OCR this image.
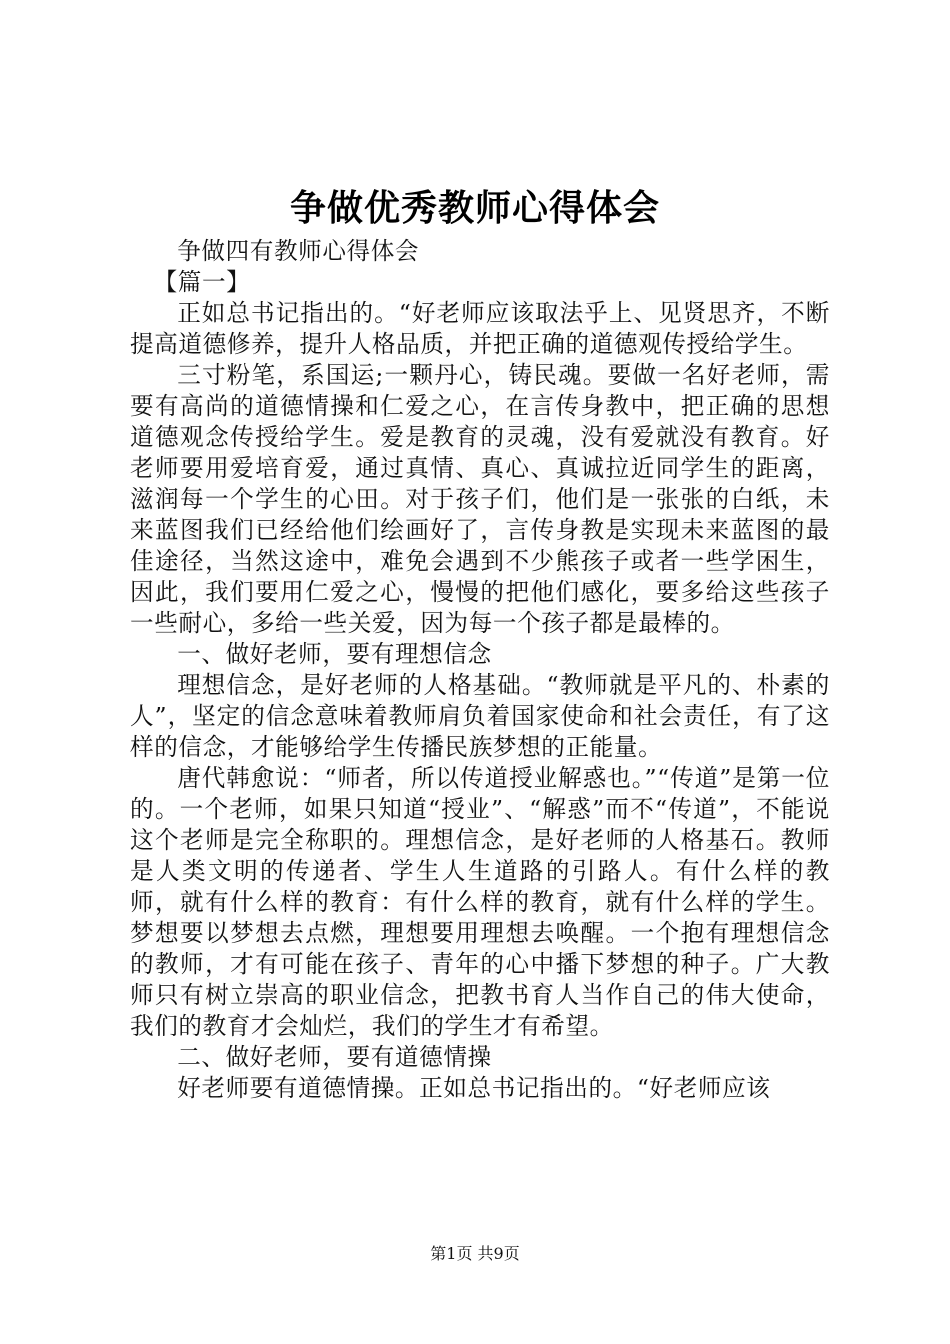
争做优秀教师心得体会

争做四有教师心得体会

【篇一】

正如总书记指出的。“好老师应该取法乎上、见贤思齐，不断提高道德修养，提升人格品质，并把正确的道德观传授给学生。

三寸粉笔，系国运;一颗丹心，铸民魂。要做一名好老师，需要有高尚的道德情操和仁爱之心，在言传身教中，把正确的思想道德观念传授给学生。爱是教育的灵魂，没有爱就没有教育。好老师要用爱培育爱，通过真情、真心、真诚拉近同学生的距离，滋润每一个学生的心田。对于孩子们，他们是一张张的白纸，未来蓝图我们已经给他们绘画好了，言传身教是实现未来蓝图的最佳途径，当然这途中，难免会遇到不少熊孩子或者一些学困生，因此，我们要用仁爱之心，慢慢的把他们感化，要多给这些孩子一些耐心，多给一些关爱，因为每一个孩子都是最棒的。

一、做好老师，要有理想信念

理想信念，是好老师的人格基础。“教师就是平凡的、朴素的人”，坚定的信念意味着教师肩负着国家使命和社会责任，有了这样的信念，才能够给学生传播民族梦想的正能量。

唐代韩愈说：“师者，所以传道授业解惑也。”“传道”是第一位的。一个老师，如果只知道“授业”、“解惑”而不“传道”，不能说这个老师是完全称职的。理想信念，是好老师的人格基石。教师是人类文明的传递者、学生人生道路的引路人。有什么样的教师，就有什么样的教育：有什么样的教育，就有什么样的学生。梦想要以梦想去点燃，理想要用理想去唤醒。一个抱有理想信念的教师，才有可能在孩子、青年的心中播下梦想的种子。广大教师只有树立崇高的职业信念，把教书育人当作自己的伟大使命，我们的教育才会灿烂，我们的学生才有希望。

二、做好老师，要有道德情操

好老师要有道德情操。正如总书记指出的。“好老师应该

第1页 共9页
